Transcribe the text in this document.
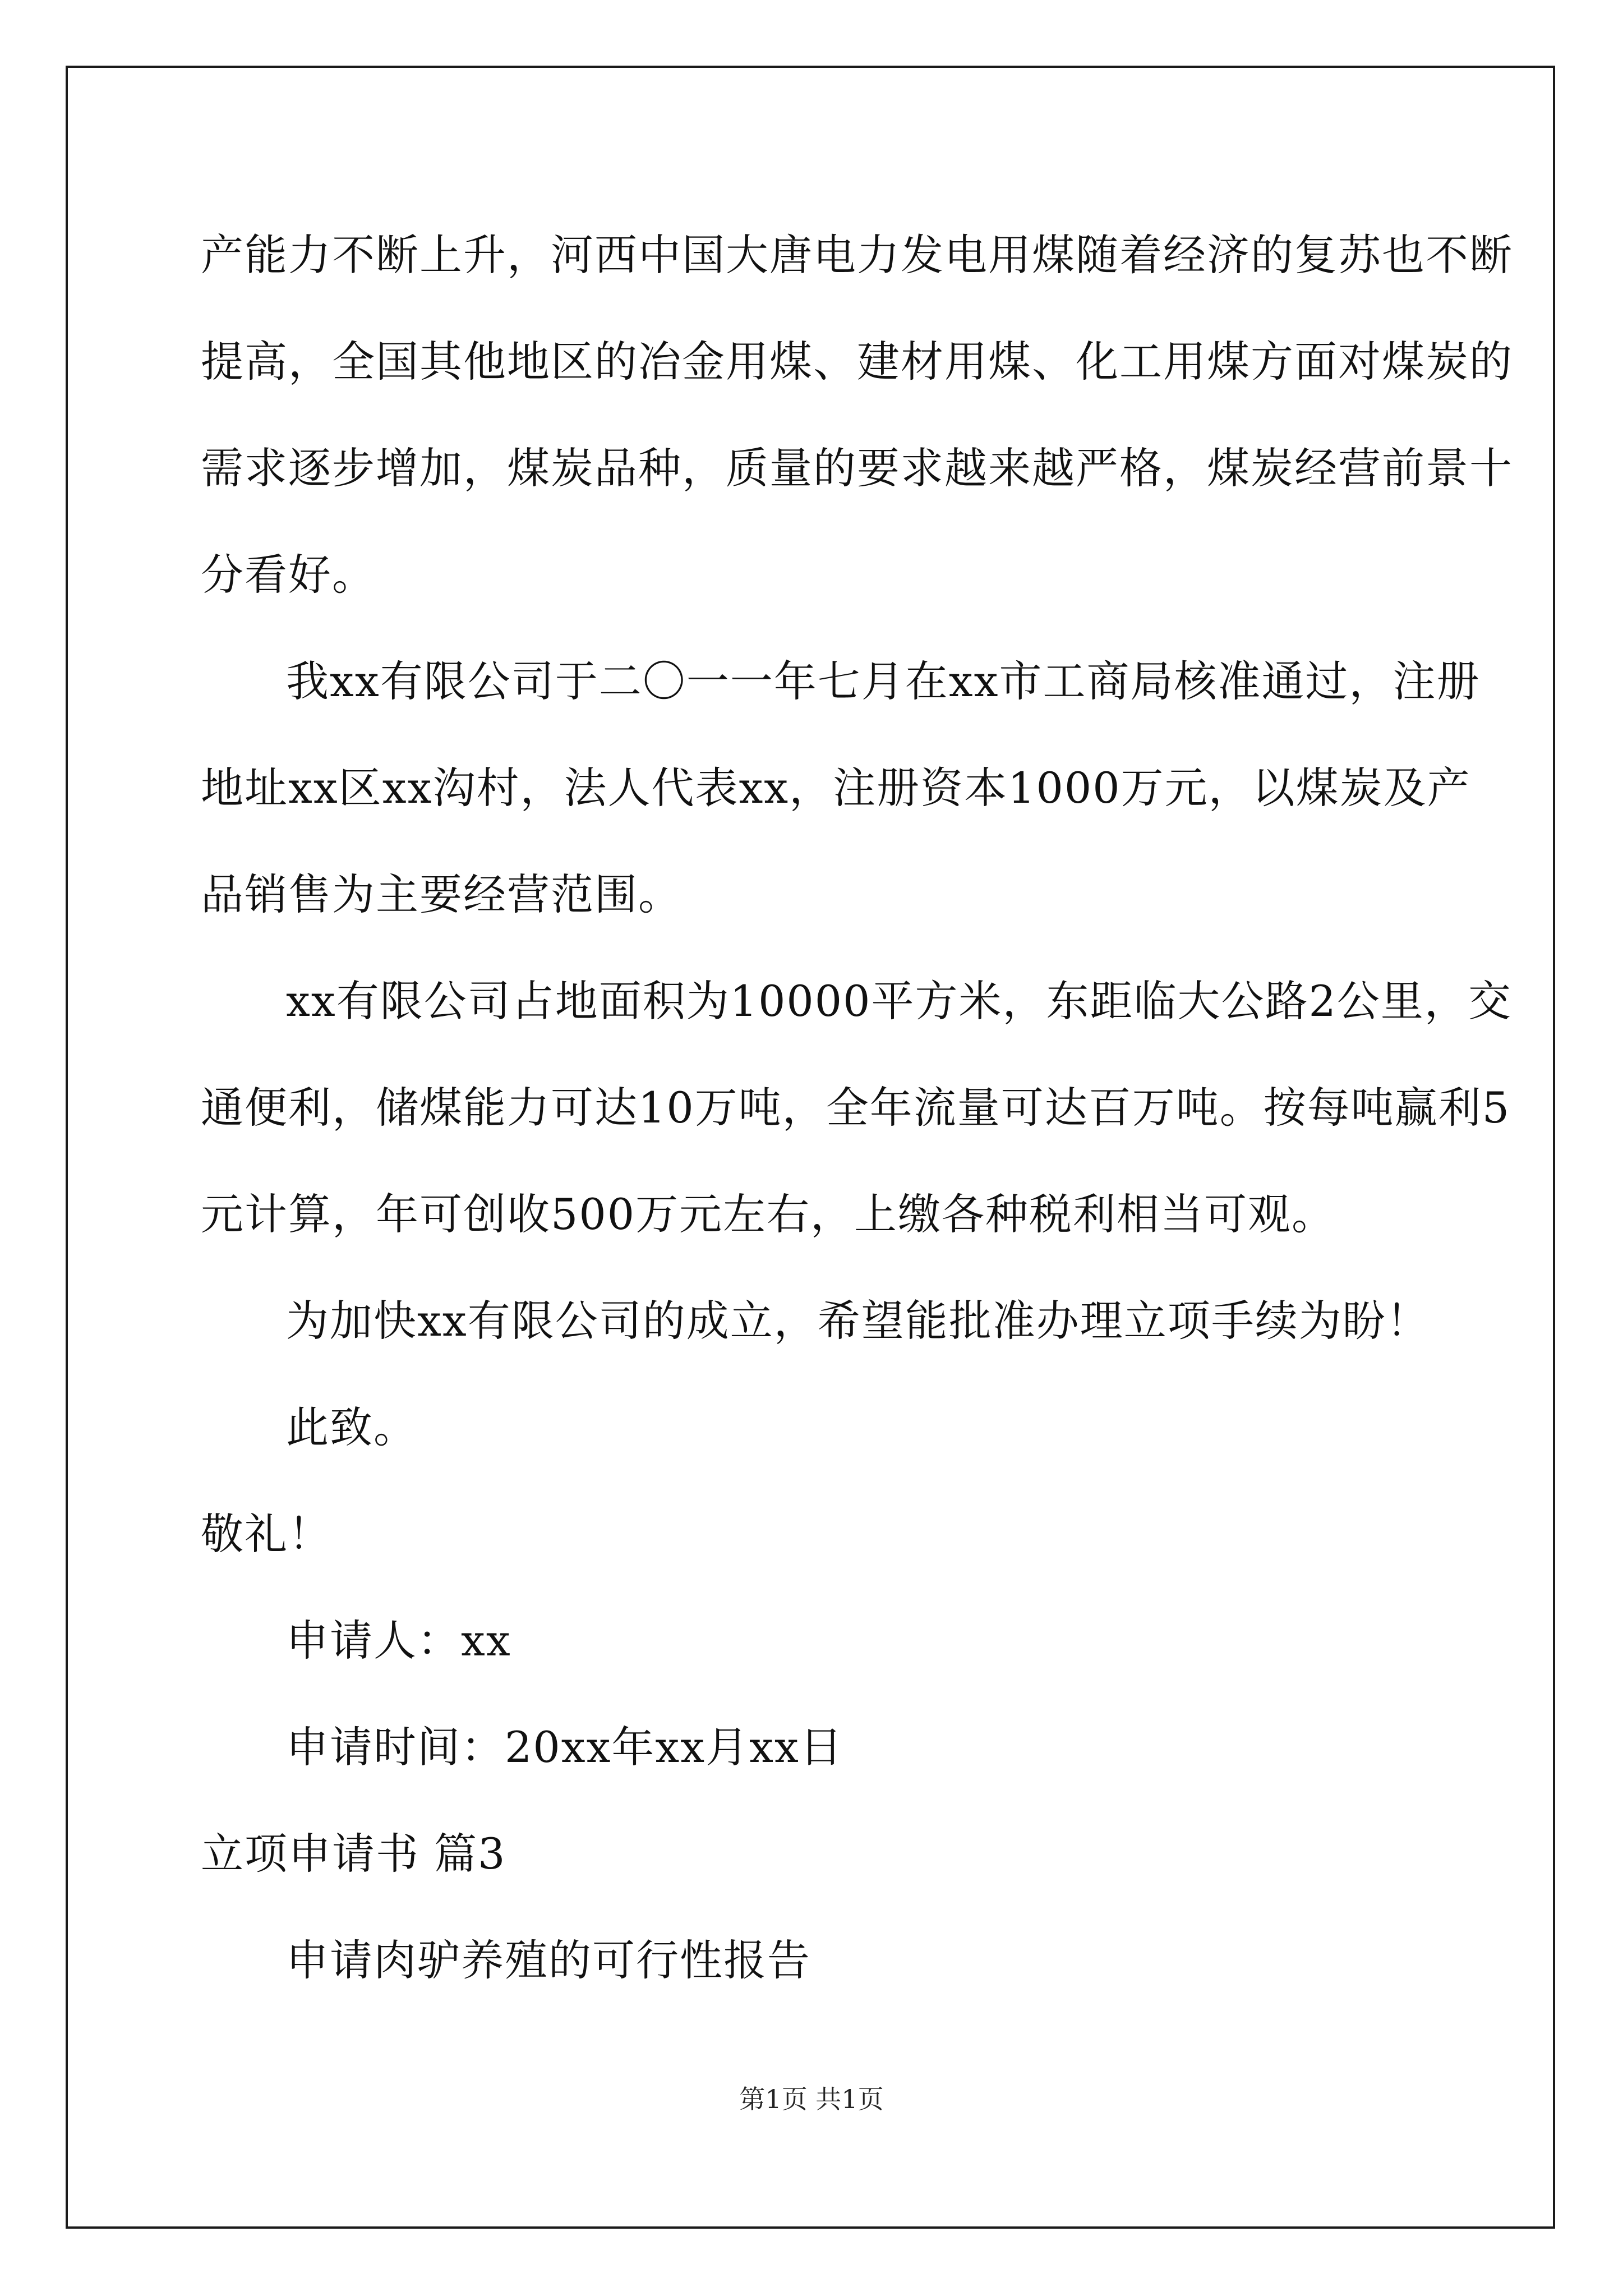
产能力不断上升，河西中国大唐电力发电用煤随着经济的复苏也不断
提高，全国其他地区的冶金用煤、建材用煤、化工用煤方面对煤炭的
需求逐步增加，煤炭品种，质量的要求越来越严格，煤炭经营前景十
分看好。

我xx有限公司于二〇一一年七月在xx市工商局核准通过，注册
地址xx区xx沟村，法人代表xx，注册资本1000万元，以煤炭及产
品销售为主要经营范围。

xx有限公司占地面积为10000平方米，东距临大公路2公里，交
通便利，储煤能力可达10万吨，全年流量可达百万吨。按每吨赢利5
元计算，年可创收500万元左右，上缴各种税利相当可观。

为加快xx有限公司的成立，希望能批准办理立项手续为盼！

此致。

敬礼！

申请人：xx

申请时间：20xx年xx月xx日

立项申请书 篇3

申请肉驴养殖的可行性报告

第1页 共1页
